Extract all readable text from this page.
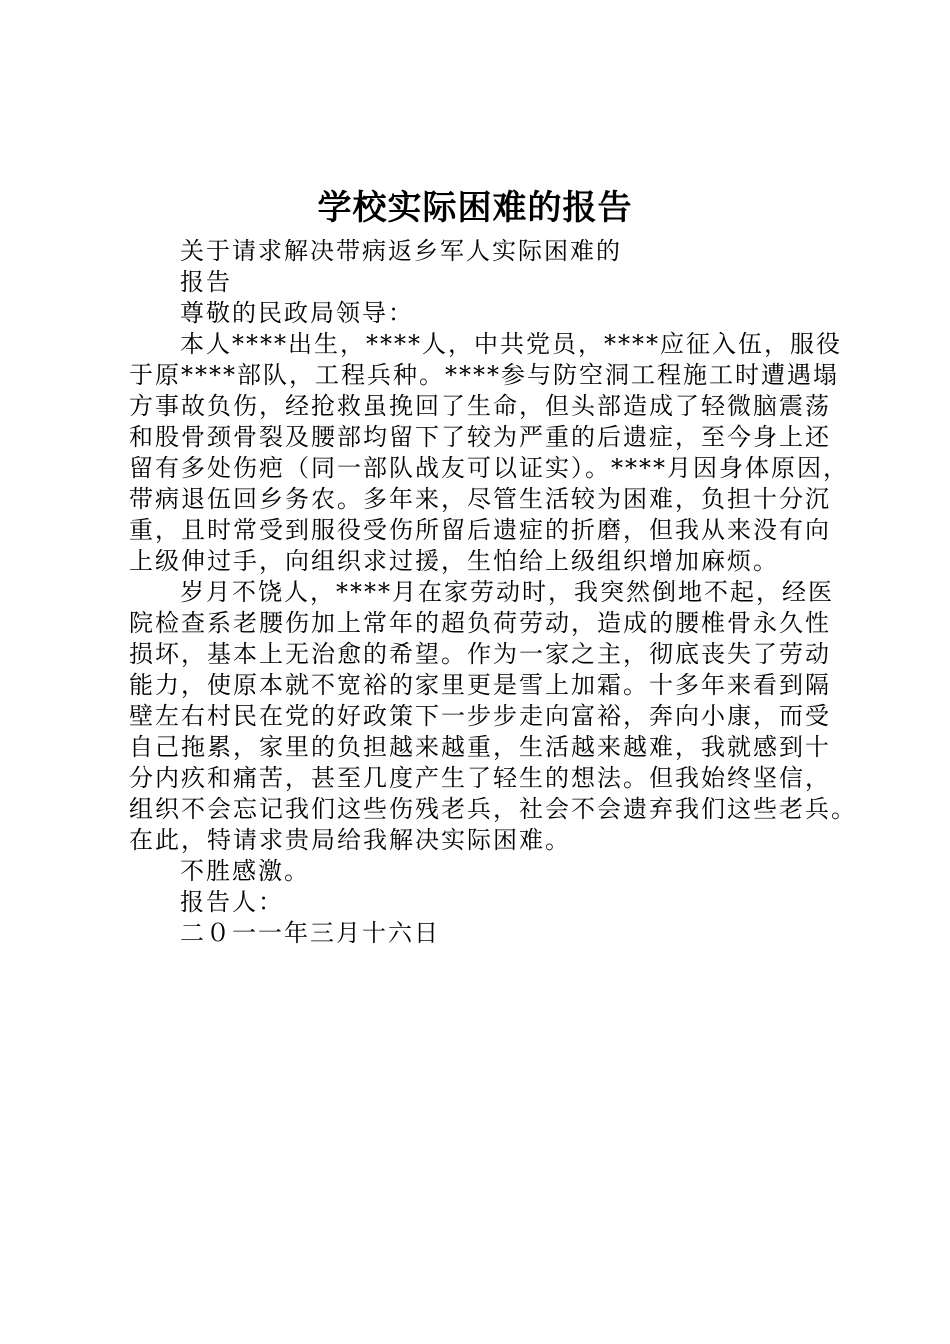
学校实际困难的报告
关于请求解决带病返乡军人实际困难的
报告
尊敬的民政局领导：
本人****出生，****人，中共党员，****应征入伍，服役
于原****部队，工程兵种。****参与防空洞工程施工时遭遇塌
方事故负伤，经抢救虽挽回了生命，但头部造成了轻微脑震荡
和股骨颈骨裂及腰部均留下了较为严重的后遗症，至今身上还
留有多处伤疤（同一部队战友可以证实）。****月因身体原因，
带病退伍回乡务农。多年来，尽管生活较为困难，负担十分沉
重，且时常受到服役受伤所留后遗症的折磨，但我从来没有向
上级伸过手，向组织求过援，生怕给上级组织增加麻烦。
岁月不饶人，****月在家劳动时，我突然倒地不起，经医
院检查系老腰伤加上常年的超负荷劳动，造成的腰椎骨永久性
损坏，基本上无治愈的希望。作为一家之主，彻底丧失了劳动
能力，使原本就不宽裕的家里更是雪上加霜。十多年来看到隔
壁左右村民在党的好政策下一步步走向富裕，奔向小康，而受
自己拖累，家里的负担越来越重，生活越来越难，我就感到十
分内疚和痛苦，甚至几度产生了轻生的想法。但我始终坚信，
组织不会忘记我们这些伤残老兵，社会不会遗弃我们这些老兵。
在此，特请求贵局给我解决实际困难。
不胜感激。
报告人：
二０一一年三月十六日
